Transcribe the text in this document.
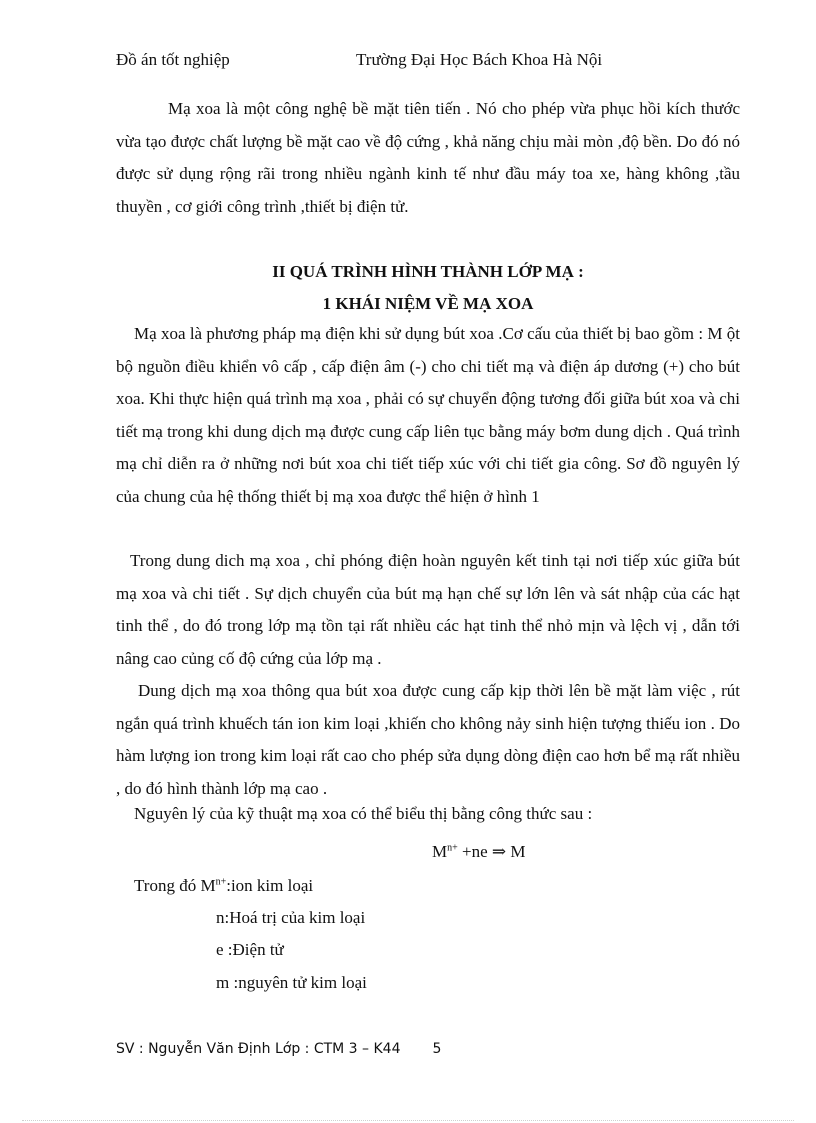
Đồ án tốt nghiệp	Trường Đại Học Bách Khoa Hà Nội

Mạ xoa là một công nghệ bề mặt tiên tiến . Nó cho phép vừa phục hồi kích thước vừa tạo được chất lượng bề mặt cao về độ cứng , khả năng chịu mài mòn ,độ bền. Do đó nó được sử dụng rộng rãi trong nhiều ngành kinh tế như đầu máy toa xe, hàng không ,tầu thuyền , cơ giới công trình ,thiết bị điện tử.

II QUÁ TRÌNH HÌNH THÀNH LỚP MẠ :
1 KHÁI NIỆM VỀ MẠ XOA

Mạ xoa là phương pháp mạ điện khi sử dụng bút xoa .Cơ cấu của thiết bị bao gồm : M ột bộ nguồn điều khiển vô cấp , cấp điện âm (-) cho chi tiết mạ và điện áp dương (+) cho bút xoa. Khi thực hiện quá trình mạ xoa , phải có sự chuyển động tương đối giữa bút xoa và chi tiết mạ trong khi dung dịch mạ được cung cấp liên tục bằng máy bơm dung dịch . Quá trình mạ chỉ diễn ra ở những nơi bút xoa chi tiết tiếp xúc với chi tiết gia công. Sơ đồ nguyên lý của chung của hệ thống thiết bị mạ xoa được thể hiện ở hình 1

Trong dung dich mạ xoa , chỉ phóng điện hoàn nguyên kết tinh tại nơi tiếp xúc giữa bút mạ xoa và chi tiết . Sự dịch chuyển của bút mạ hạn chế sự lớn lên và sát nhập của các hạt tinh thể , do đó trong lớp mạ tồn tại rất nhiều các hạt tinh thể nhỏ mịn và lệch vị , dẫn tới nâng cao củng cố độ cứng của lớp mạ .

Dung dịch mạ xoa thông qua bút xoa được cung cấp kịp thời lên bề mặt làm việc , rút ngắn quá trình khuếch tán ion kim loại ,khiến cho không nảy sinh hiện tượng thiếu ion . Do hàm lượng ion trong kim loại rất cao cho phép sửa dụng dòng điện cao hơn bể mạ rất nhiều , do đó hình thành lớp mạ cao .

Nguyên lý của kỹ thuật mạ xoa có thể biểu thị bằng công thức sau :
$M^{n+} +ne$ ⇒ M
Trong đó $M^{n+}:ion$ kim loại
n:Hoá trị của kim loại
e :Điện tử
m :nguyên tử kim loại
SV : Nguyễn Văn Định Lớp : CTM 3 – K44 5
